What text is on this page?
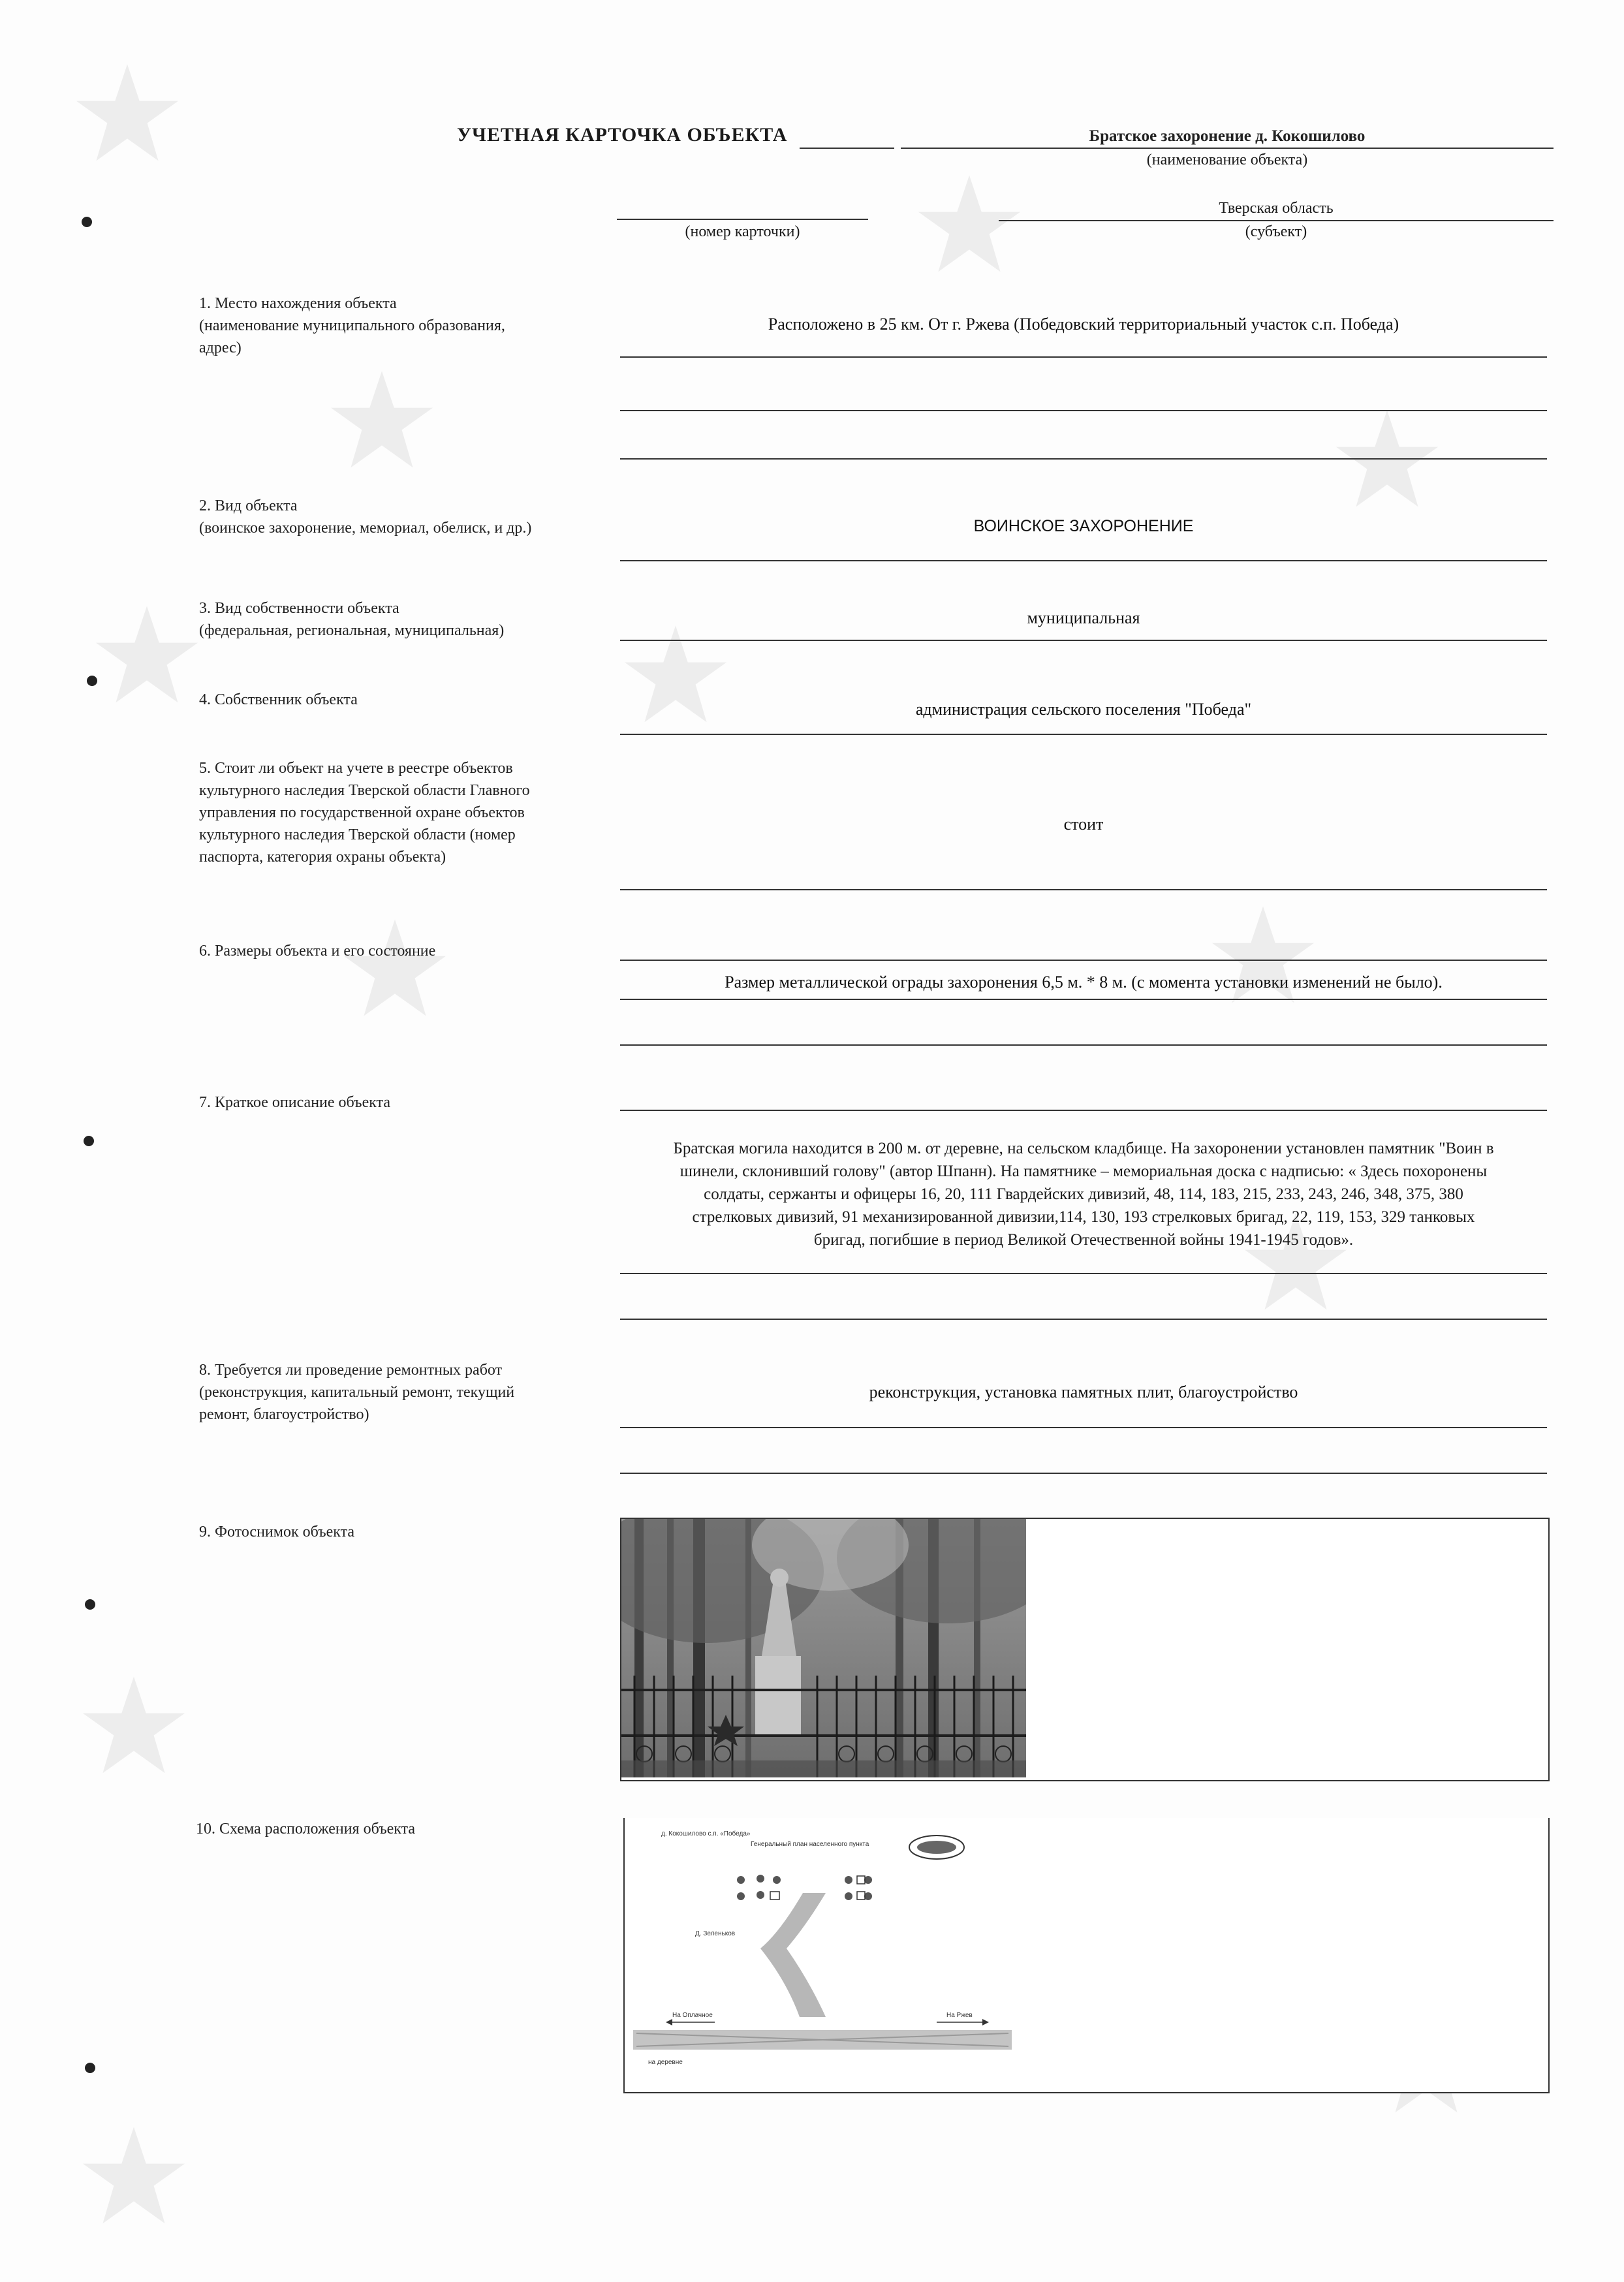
УЧЕТНАЯ КАРТОЧКА ОБЪЕКТА	Братское захоронение д. Кокошилово
(наименование объекта)
(номер карточки)
Тверская область
(субъект)
1. Место нахождения объекта
(наименование муниципального образования,
адрес)
Расположено в 25 км. От г. Ржева (Победовский территориальный участок с.п. Победа)
2. Вид объекта
(воинское захоронение, мемориал, обелиск, и др.)	ВОИНСКОЕ ЗАХОРОНЕНИЕ
3. Вид собственности объекта
(федеральная, региональная, муниципальная)
муниципальная
4. Собственник объекта	администрация сельского поселения "Победа"
5. Стоит ли объект на учете в реестре объектов
культурного наследия Тверской области Главного
управления по государственной охране объектов
культурного наследия Тверской области (номер
паспорта, категория охраны объекта)
стоит
6. Размеры объекта и его состояние
Размер металлической ограды захоронения 6,5 м. * 8 м. (с момента установки изменений не было).
7. Краткое описание объекта
Братская могила находится в 200 м. от деревне, на сельском кладбище. На захоронении установлен памятник "Воин в
шинели, склонивший голову" (автор Шпанн). На памятнике – мемориальная доска с надписью: « Здесь похоронены
солдаты, сержанты и офицеры 16, 20, 111 Гвардейских дивизий, 48, 114, 183, 215, 233, 243, 246, 348, 375, 380
стрелковых дивизий, 91 механизированной дивизии,114, 130, 193 стрелковых бригад, 22, 119, 153, 329 танковых
бригад, погибшие в период Великой Отечественной войны 1941-1945 годов».
8. Требуется ли проведение ремонтных работ
(реконструкция, капитальный ремонт, текущий
ремонт, благоустройство)
реконструкция, установка памятных плит, благоустройство
9. Фотоснимок объекта
10. Схема расположения объекта	д. Кокошилово с.п. «Победа»
Генеральный план населенного пункта
Д. Зеленьков
На Оплачное	На Ржев
на деревне
